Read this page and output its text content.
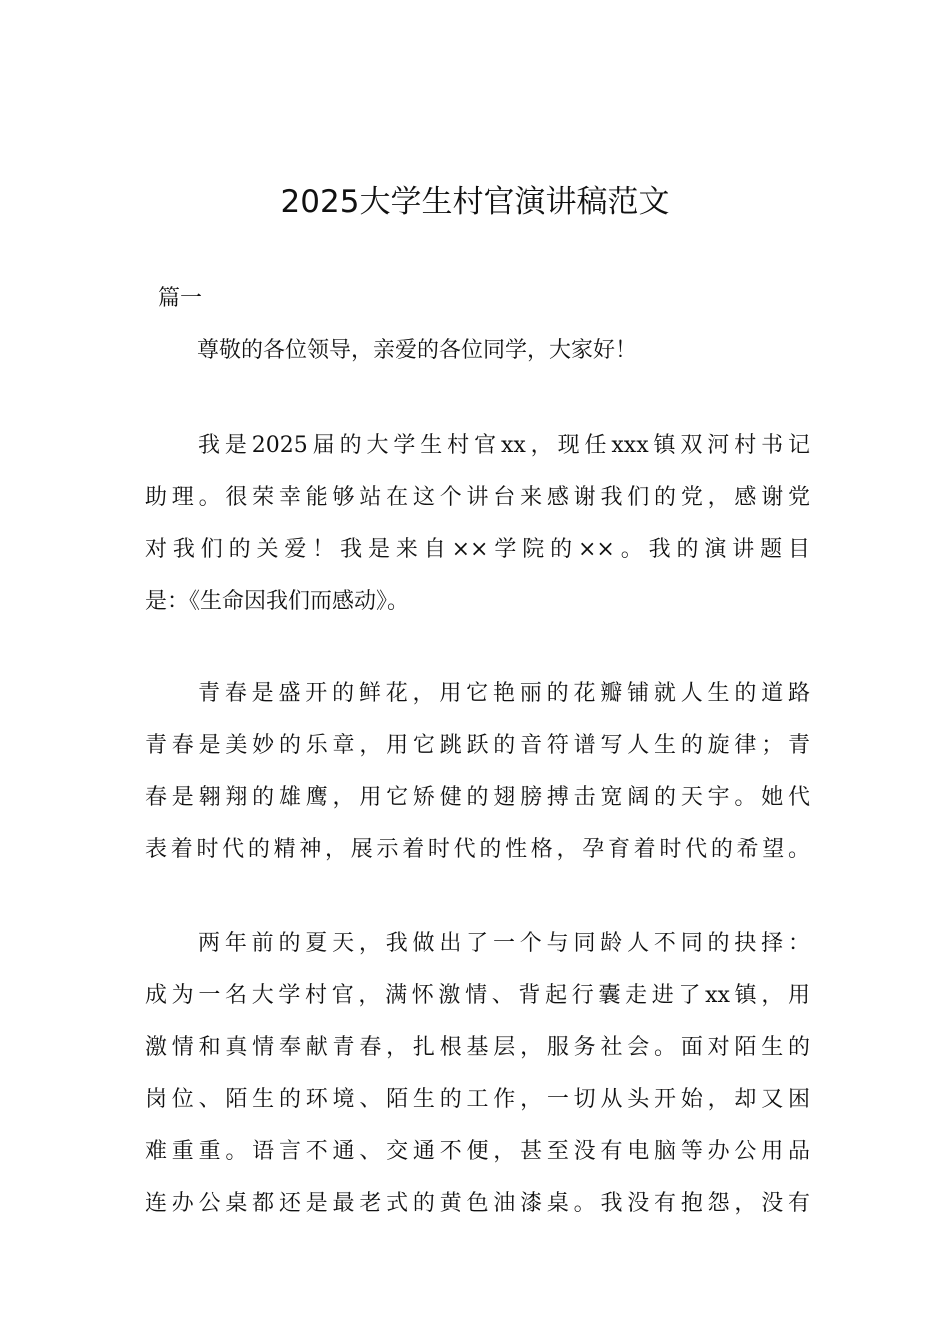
2025大学生村官演讲稿范文
篇一
尊敬的各位领导，亲爱的各位同学，大家好！
我是2025届的大学生村官xx，现任xxx镇双河村书记
助理。很荣幸能够站在这个讲台来感谢我们的党，感谢党
对我们的关爱！我是来自××学院的××。我的演讲题目
是：《生命因我们而感动》。
青春是盛开的鲜花，用它艳丽的花瓣铺就人生的道路
青春是美妙的乐章，用它跳跃的音符谱写人生的旋律；青
春是翱翔的雄鹰，用它矫健的翅膀搏击宽阔的天宇。她代
表着时代的精神，展示着时代的性格，孕育着时代的希望。
两年前的夏天，我做出了一个与同龄人不同的抉择：
成为一名大学村官，满怀激情、背起行囊走进了xx镇，用
激情和真情奉献青春，扎根基层，服务社会。面对陌生的
岗位、陌生的环境、陌生的工作，一切从头开始，却又困
难重重。语言不通、交通不便，甚至没有电脑等办公用品
连办公桌都还是最老式的黄色油漆桌。我没有抱怨，没有
